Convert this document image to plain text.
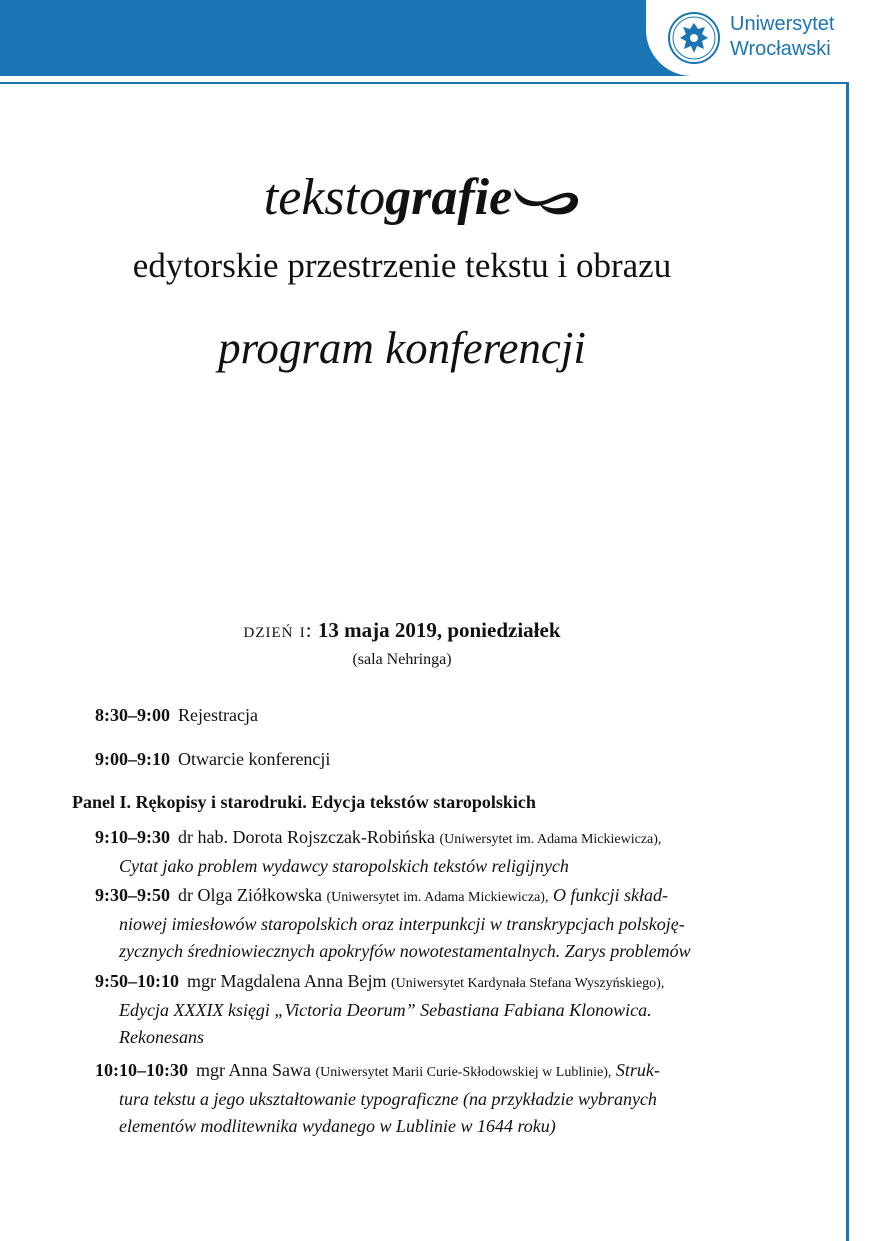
Uniwersytet
Wrocławski
tekstografie
edytorskie przestrzenie tekstu i obrazu
program konferencji
dzień i: 13 maja 2019, poniedziałek
(sala Nehringa)
8:30–9:00 Rejestracja
9:00–9:10 Otwarcie konferencji
Panel I. Rękopisy i starodruki. Edycja tekstów staropolskich
9:10–9:30 dr hab. Dorota Rojszczak-Robińska (Uniwersytet im. Adama Mickiewicza),
Cytat jako problem wydawcy staropolskich tekstów religijnych
9:30–9:50 dr Olga Ziółkowska (Uniwersytet im. Adama Mickiewicza), O funkcji skład-
niowej imiesłowów staropolskich oraz interpunkcji w transkrypcjach polskoję-
zycznych średniowiecznych apokryfów nowotestamentalnych. Zarys problemów
9:50–10:10 mgr Magdalena Anna Bejm (Uniwersytet Kardynała Stefana Wyszyńskiego),
Edycja XXXIX księgi „Victoria Deorum” Sebastiana Fabiana Klonowica.
Rekonesans
10:10–10:30 mgr Anna Sawa (Uniwersytet Marii Curie-Skłodowskiej w Lublinie), Struk-
tura tekstu a jego ukształtowanie typograficzne (na przykładzie wybranych
elementów modlitewnika wydanego w Lublinie w 1644 roku)
